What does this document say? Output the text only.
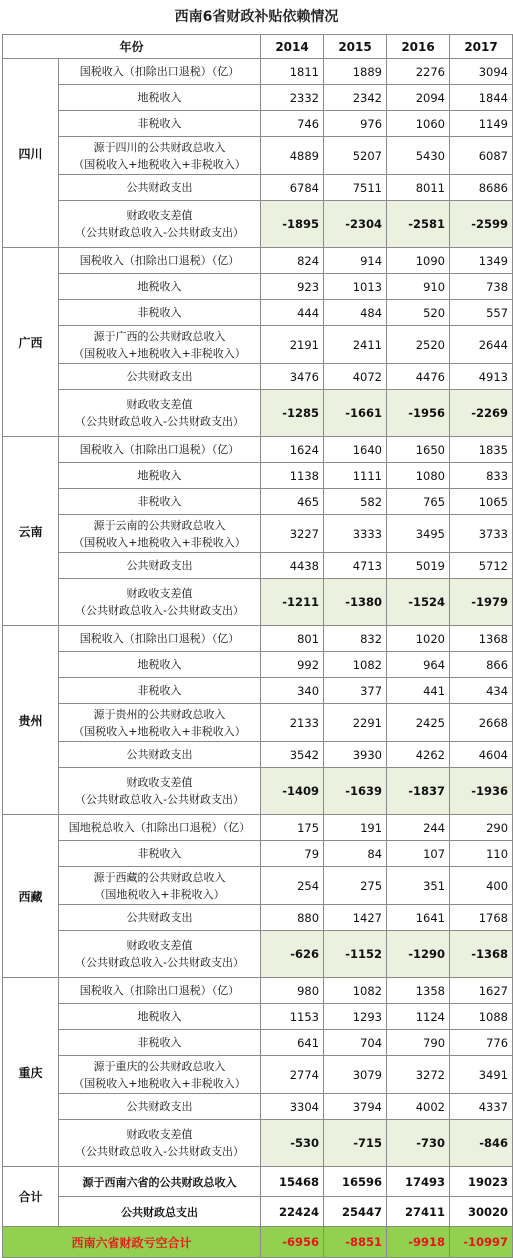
西南6省财政补贴依赖情况
年份		2014	2015	2016	2017
四川	国税收入（扣除出口退税）（亿）	1811	1889	2276	3094

	地税收入	2332	2342	2094	1844

	非税收入	746	976	1060	1149

	源于四川的公共财政总收入
（国税收入+地税收入+非税收入）	4889	5207	5430	6087

	公共财政支出	6784	7511	8011	8686

	财政收支差值
（公共财政总收入-公共财政支出）	-1895	-2304	-2581	-2599
广西	国税收入（扣除出口退税）（亿）	824	914	1090	1349

	地税收入	923	1013	910	738

	非税收入	444	484	520	557

	源于广西的公共财政总收入
（国税收入+地税收入+非税收入）	2191	2411	2520	2644

	公共财政支出	3476	4072	4476	4913

	财政收支差值
（公共财政总收入-公共财政支出）	-1285	-1661	-1956	-2269
云南	国税收入（扣除出口退税）（亿）	1624	1640	1650	1835

	地税收入	1138	1111	1080	833

	非税收入	465	582	765	1065

	源于云南的公共财政总收入
（国税收入+地税收入+非税收入）	3227	3333	3495	3733

	公共财政支出	4438	4713	5019	5712

	财政收支差值
（公共财政总收入-公共财政支出）	-1211	-1380	-1524	-1979
贵州	国税收入（扣除出口退税）（亿）	801	832	1020	1368

	地税收入	992	1082	964	866

	非税收入	340	377	441	434

	源于贵州的公共财政总收入
（国税收入+地税收入+非税收入）	2133	2291	2425	2668

	公共财政支出	3542	3930	4262	4604

	财政收支差值
（公共财政总收入-公共财政支出）	-1409	-1639	-1837	-1936
西藏	国地税总收入（扣除出口退税）（亿）	175	191	244	290

	非税收入	79	84	107	110

	源于西藏的公共财政总收入
（国地税收入+非税收入）	254	275	351	400

	公共财政支出	880	1427	1641	1768

	财政收支差值
（公共财政总收入-公共财政支出）	-626	-1152	-1290	-1368
重庆	国税收入（扣除出口退税）（亿）	980	1082	1358	1627

	地税收入	1153	1293	1124	1088

	非税收入	641	704	790	776

	源于重庆的公共财政总收入
（国税收入+地税收入+非税收入）	2774	3079	3272	3491

	公共财政支出	3304	3794	4002	4337

	财政收支差值
（公共财政总收入-公共财政支出）	-530	-715	-730	-846
合计	源于西南六省的公共财政总收入	15468	16596	17493	19023
	公共财政总支出	22424	25447	27411	30020
西南六省财政亏空合计		-6956	-8851	-9918	-10997
